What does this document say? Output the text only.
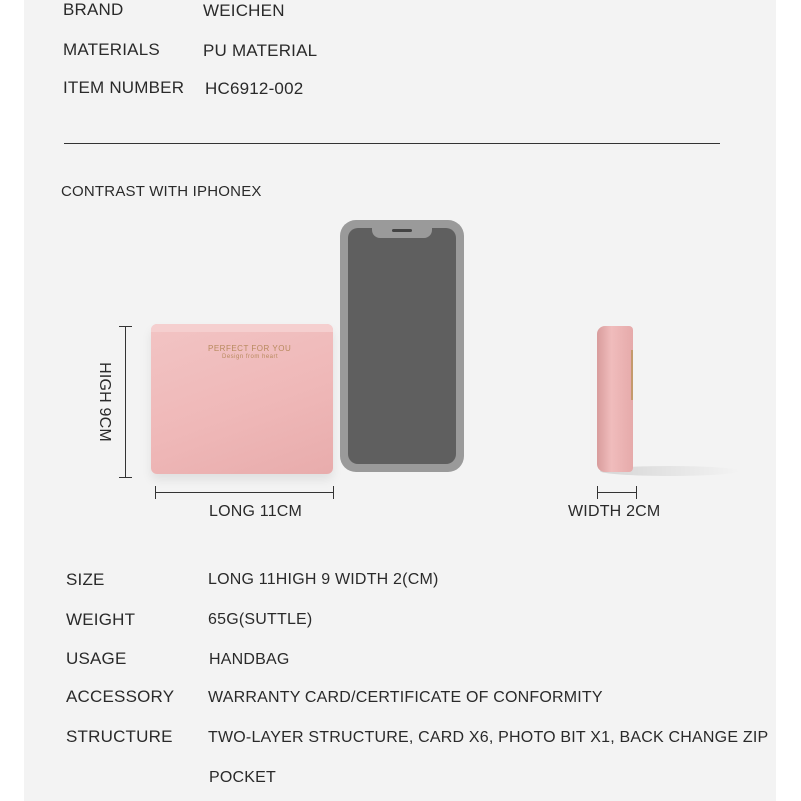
BRAND	WEICHEN
MATERIALS	PU MATERIAL
ITEM NUMBER HC6912-002
CONTRAST WITH IPHONEX
HIGH 9CM
PERFECT FOR YOU
Design from heart
LONG 11CM	WIDTH 2CM
SIZE	LONG 11HIGH 9 WIDTH 2(CM)
WEIGHT	65G(SUTTLE)
USAGE	HANDBAG
ACCESSORY WARRANTY CARD/CERTIFICATE OF CONFORMITY
STRUCTURE TWO-LAYER STRUCTURE, CARD X6, PHOTO BIT X1, BACK CHANGE ZIP
POCKET
